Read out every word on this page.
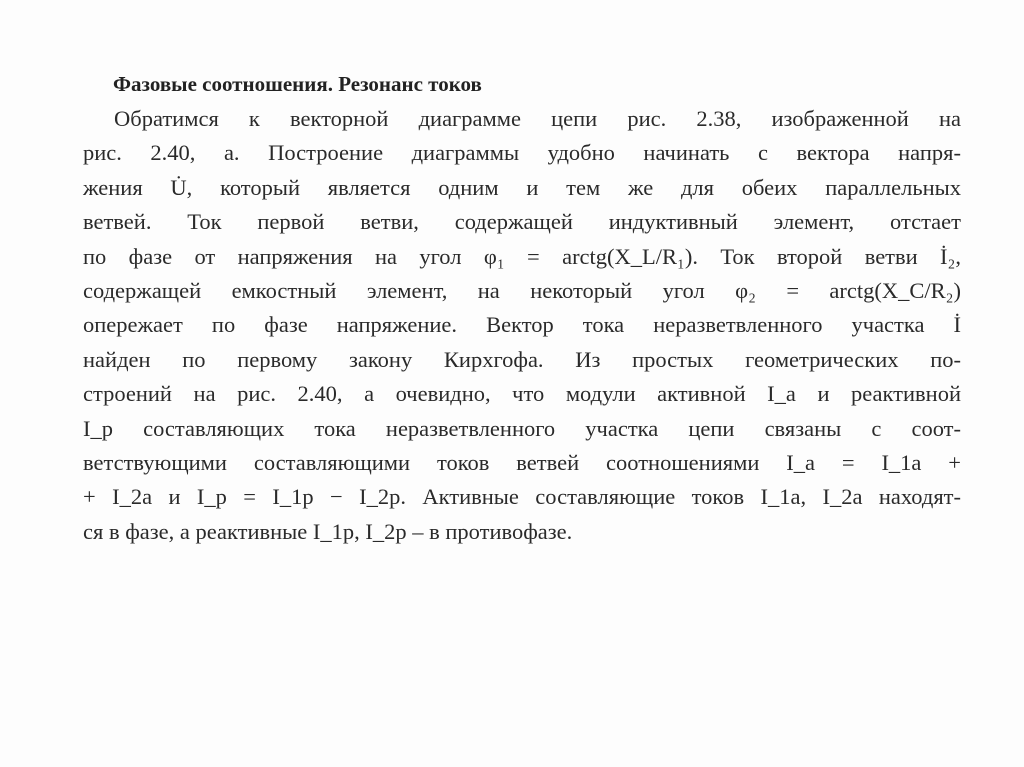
Фазовые соотношения. Резонанс токов
Обратимся к векторной диаграмме цепи рис. 2.38, изображенной на
рис. 2.40, а. Построение диаграммы удобно начинать с вектора напря-
жения U̇, который является одним и тем же для обеих параллельных
ветвей. Ток первой ветви, содержащей индуктивный элемент, отстает
по фазе от напряжения на угол φ₁ = arctg(X_L/R₁). Ток второй ветви İ₂,
содержащей емкостный элемент, на некоторый угол φ₂ = arctg(X_C/R₂)
опережает по фазе напряжение. Вектор тока неразветвленного участка İ
найден по первому закону Кирхгофа. Из простых геометрических по-
строений на рис. 2.40, а очевидно, что модули активной I_a и реактивной
I_p составляющих тока неразветвленного участка цепи связаны с соот-
ветствующими составляющими токов ветвей соотношениями I_a = I_1a +
+ I_2a и I_p = I_1p − I_2p. Активные составляющие токов I_1a, I_2a находят-
ся в фазе, а реактивные I_1p, I_2p – в противофазе.
